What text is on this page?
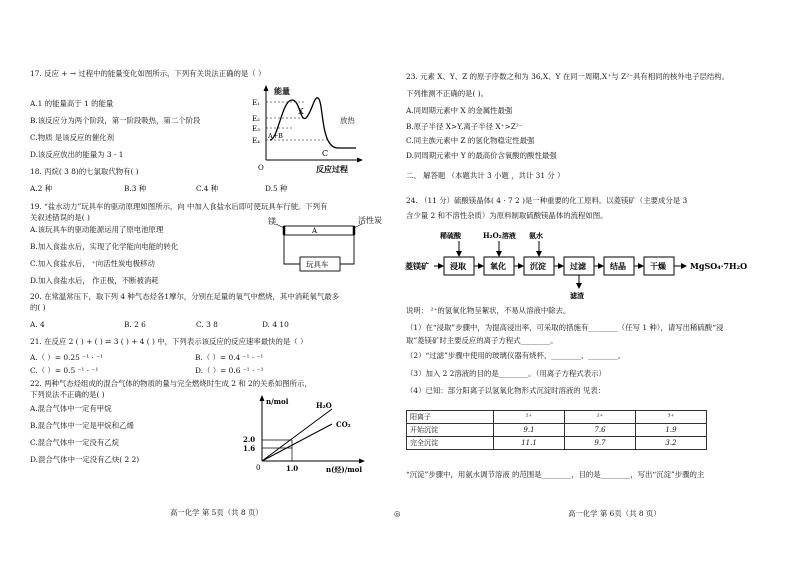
17. 反应 + → 过程中的能量变化如图所示，下列有关说法正确的是（ ）
A.1 的能量高于 1 的能量
B.该反应分为两个阶段，第一阶段吸热，第二个阶段	放热
C.物质 是该反应的催化剂
D.该反应放出的能量为 3 - 1
E₁
E₂
E₃
E₄
X
A+B
C
O
能量
反应过程
18. 丙烷( 3 8)的七氯取代物有( )
A.2 种	B.3 种	C.4 种	D.5 种
19. “盐水动力”玩具车的驱动原理如图所示，向 中加入食盐水后即可使玩具车行驶。下列有
关叙述错误的是( )
A.该玩具车的驱动能源运用了原电池原理
B.加入食盐水后，实现了化学能向电能的转化
C.加入食盐水后， ⁺向活性炭电极移动
D.加入食盐水后， 作正极，不断被消耗
镁	活性炭
A
玩具车
20. 在常温常压下，取下列 4 种气态烃各1摩尔，分别在足量的氧气中燃烧，其中消耗氧气最多
的( )
A. 4	B. 2 6	C. 3 8	D. 4 10
21. 在反应 2 ( ) + ( ) ⇌ 3 ( ) + 4 ( ) 中，下列表示该反应的反应速率最快的是（ ）
A.（ ）= 0.25 ⁻¹ · ⁻¹	B.（ ）= 0.4 ⁻¹ · ⁻¹
C.（ ）= 0.5 ⁻¹ · ⁻¹	D.（ ）= 0.6 ⁻¹ · ⁻¹
22. 两种气态烃组成的混合气体的物质的量与完全燃烧时生成 2 和 2的关系如图所示，
下列说法不正确的是( )
A.混合气体中一定有甲烷
B.混合气体中一定是甲烷和乙烯
C.混合气体中一定没有乙烷
D.混合气体中一定没有乙炔( 2 2)
n/mol	H₂O
CO₂
2.0
1.6
1.0
0	n(烃)/mol
高一化学 第 5页（共 8 页）	◎
23. 元素 X、Y、Z 的原子序数之和为 36,X、Y 在同一周期,X⁺与 Z²⁻具有相同的核外电子层结构。
下列推测不正确的是( )。
A.同周期元素中 X 的金属性最强
B.原子半径 X>Y,离子半径 X⁺>Z²⁻
C.同主族元素中 Z 的氢化物稳定性最强
D.同周期元素中 Y 的最高价含氧酸的酸性最强
二、 解答题 （本题共计 3 小题 ，共计 31 分 ）
24. （11 分）硫酸镁晶体( 4 · 7 2 )是一种重要的化工原料。以菱镁矿（主要成分是 3
含少量 2 和不溶性杂质）为原料制取硫酸镁晶体的流程如图。
菱镁矿	浸取	氧化	沉淀	过滤	结晶	干燥	MgSO₄·7H₂O
稀硫酸	H₂O₂溶液 氨水
滤渣
说明： ²⁺的氢氧化物呈絮状，不易从溶液中除去。
（1）在“浸取”步骤中，为提高浸出率，可采取的措施有________（任写 1 种），请写出稀硫酸“浸
取”菱镁矿时主要反应的离子方程式________。
（2）“过滤”步骤中使用的玻璃仪器有烧杯、________、________。
（3）加入 2 2溶液的目的是________。（用离子方程式表示）
（4）已知：部分阳离子以氢氧化物形式沉淀时溶液的 见表：
阳离子	²⁺	²⁺	³⁺
开始沉淀	9.1	7.6	1.9
完全沉淀	11.1	9.7	3.2
“沉淀”步骤中，用氨水调节溶液 的范围是________，目的是________，写出“沉淀”步骤的主
高一化学 第 6页（共 8 页）
